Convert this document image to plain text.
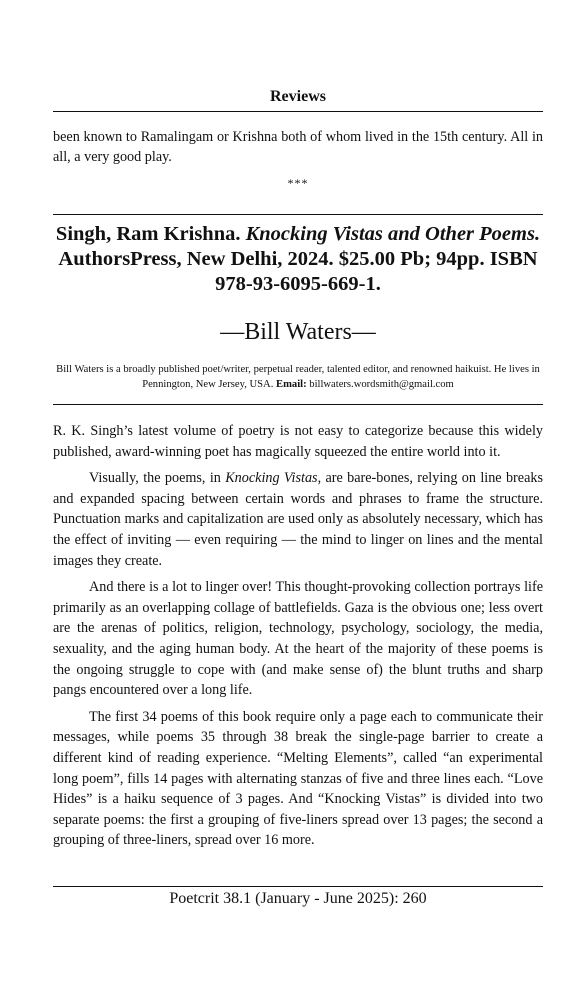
Reviews

been known to Ramalingam or Krishna both of whom lived in the 15th century. All in all, a very good play.

***
Singh, Ram Krishna. Knocking Vistas and Other Poems. AuthorsPress, New Delhi, 2024. $25.00 Pb; 94pp. ISBN 978-93-6095-669-1.
—Bill Waters—

Bill Waters is a broadly published poet/writer, perpetual reader, talented editor, and renowned haikuist. He lives in Pennington, New Jersey, USA. Email: billwaters.wordsmith@gmail.com

R. K. Singh’s latest volume of poetry is not easy to categorize because this widely published, award-winning poet has magically squeezed the entire world into it.

Visually, the poems, in Knocking Vistas, are bare-bones, relying on line breaks and expanded spacing between certain words and phrases to frame the structure. Punctuation marks and capitalization are used only as absolutely necessary, which has the effect of inviting — even requiring — the mind to linger on lines and the mental images they create.

And there is a lot to linger over! This thought-provoking collection portrays life primarily as an overlapping collage of battlefields. Gaza is the obvious one; less overt are the arenas of politics, religion, technology, psychology, sociology, the media, sexuality, and the aging human body. At the heart of the majority of these poems is the ongoing struggle to cope with (and make sense of) the blunt truths and sharp pangs encountered over a long life.

The first 34 poems of this book require only a page each to communicate their messages, while poems 35 through 38 break the single-page barrier to create a different kind of reading experience. “Melting Elements”, called “an experimental long poem”, fills 14 pages with alternating stanzas of five and three lines each. “Love Hides” is a haiku sequence of 3 pages. And “Knocking Vistas” is divided into two separate poems: the first a grouping of five-liners spread over 13 pages; the second a grouping of three-liners, spread over 16 more.

Poetcrit 38.1 (January - June 2025): 260
